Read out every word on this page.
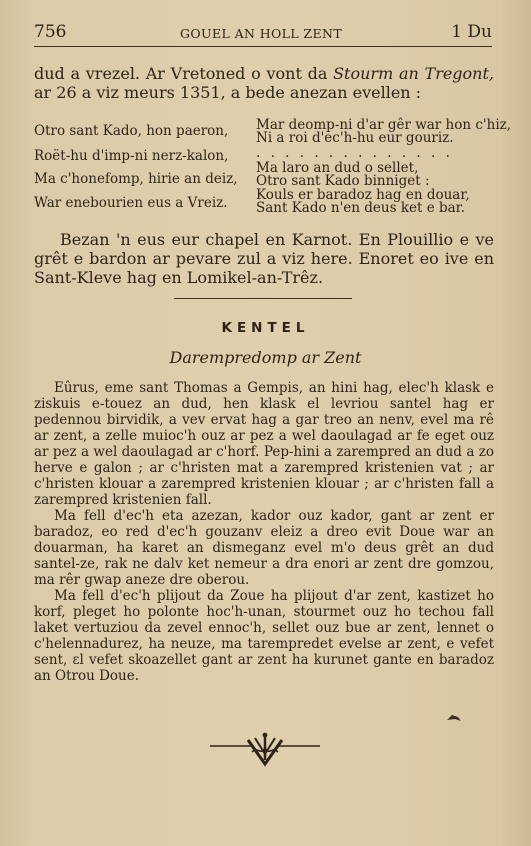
756	GOUEL AN HOLL ZENT	1 Du

dud a vrezel. Ar Vretoned o vont da Stourm an Tregont, ar 26 a viz meurs 1351, a bede anezan evellen :

Otro sant Kado, hon paeron,

Roët-hu d'imp-ni nerz-kalon,

Ma c'honefomp, hirie an deiz,

War enebourien eus a Vreiz.

Mar deomp-ni d'ar gêr war hon c'hiz,

Ni a roi d'ec'h-hu eur gouriz.

. . . . . . . . . . . . . .

Ma laro an dud o sellet,

Otro sant Kado binniget :

Kouls er baradoz hag en douar,

Sant Kado n'en deus ket e bar.

Bezan 'n eus eur chapel en Karnot. En Plouillio e ve grêt e bardon ar pevare zul a viz here. Enoret eo ive en Sant-Kleve hag en Lomikel-an-Trêz.

KENTEL
Darempredomp ar Zent

Eûrus, eme sant Thomas a Gempis, an hini hag, elec'h klask e ziskuis e-touez an dud, hen klask el levriou santel hag er pedennou birvidik, a vev ervat hag a gar treo an nenv, evel ma rê ar zent, a zelle muioc'h ouz ar pez a wel daoulagad ar fe eget ouz ar pez a wel daoulagad ar c'horf. Pep-hini a zarempred an dud a zo herve e galon ; ar c'hristen mat a zarempred kristenien vat ; ar c'hristen klouar a zarempred kristenien klouar ; ar c'hristen fall a zarempred kristenien fall.

Ma fell d'ec'h eta azezan, kador ouz kador, gant ar zent er baradoz, eo red d'ec'h gouzanv eleiz a dreo evit Doue war an douarman, ha karet an dismeganz evel m'o deus grêt an dud santel-ze, rak ne dalv ket nemeur a dra enori ar zent dre gomzou, ma rêr gwap aneze dre oberou.

Ma fell d'ec'h plijout da Zoue ha plijout d'ar zent, kastizet ho korf, pleget ho polonte hoc'h-unan, stourmet ouz ho techou fall laket vertuziou da zevel ennoc'h, sellet ouz bue ar zent, lennet o c'helennadurez, ha neuze, ma tarempredet evelse ar zent, e vefet sent, ɛl vefet skoazellet gant ar zent ha kurunet gante en baradoz an Otrou Doue.
